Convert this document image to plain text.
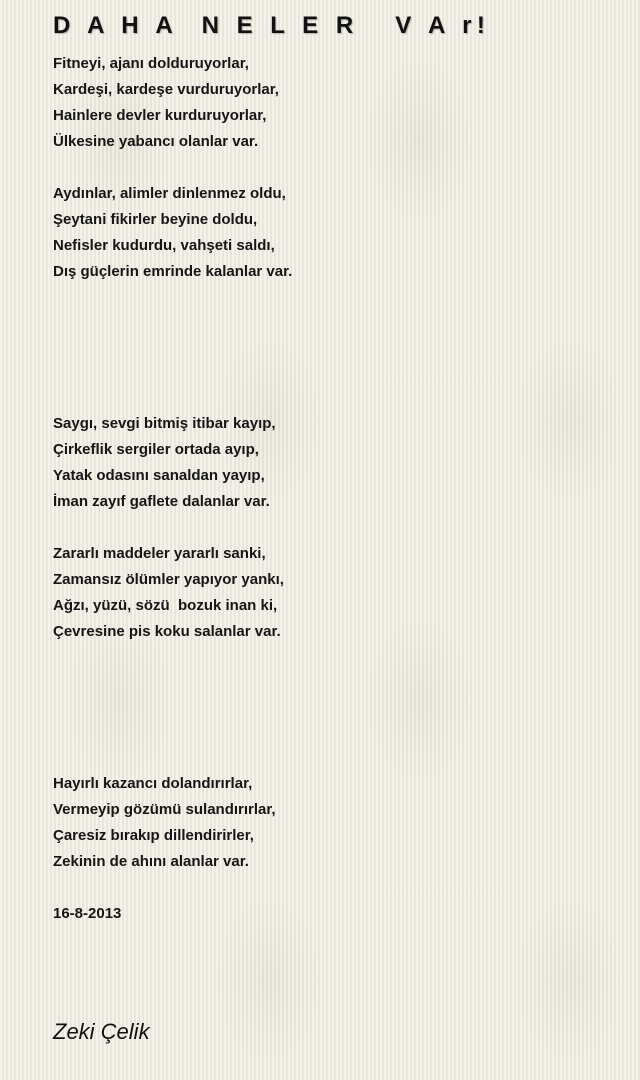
D A H A  N E L E R   V A r!
Fitneyi, ajanı dolduruyorlar,
Kardeşi, kardeşe vurduruyorlar,
Hainlere devler kurduruyorlar,
Ülkesine yabancı olanlar var.
Aydınlar, alimler dinlenmez oldu,
Şeytani fikirler beyine doldu,
Nefisler kudurdu, vahşeti saldı,
Dış güçlerin emrinde kalanlar var.
Saygı, sevgi bitmiş itibar kayıp,
Çirkeflik sergiler ortada ayıp,
Yatak odasını sanaldan yayıp,
İman zayıf gaflete dalanlar var.
Zararlı maddeler yararlı sanki,
Zamansız ölümler yapıyor yankı,
Ağzı, yüzü, sözü  bozuk inan ki,
Çevresine pis koku salanlar var.
Hayırlı kazancı dolandırırlar,
Vermeyip gözümü sulandırırlar,
Çaresiz bırakıp dillendirirler,
Zekinin de ahını alanlar var.
16-8-2013
Zeki Çelik
